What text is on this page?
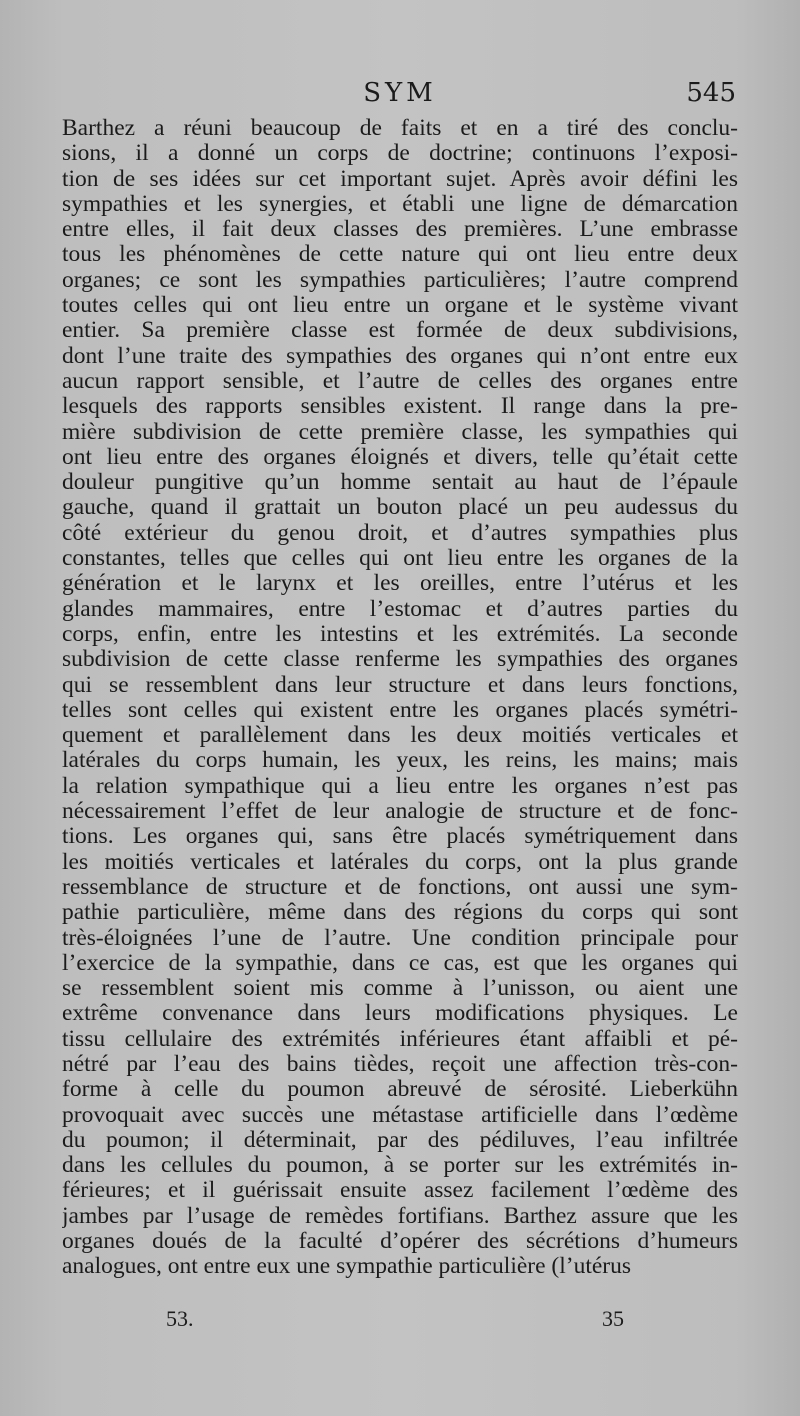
SYM	545
Barthez a réuni beaucoup de faits et en a tiré des conclu-
sions, il a donné un corps de doctrine; continuons l’exposi-
tion de ses idées sur cet important sujet. Après avoir défini les
sympathies et les synergies, et établi une ligne de démarcation
entre elles, il fait deux classes des premières. L’une embrasse
tous les phénomènes de cette nature qui ont lieu entre deux
organes; ce sont les sympathies particulières; l’autre comprend
toutes celles qui ont lieu entre un organe et le système vivant
entier. Sa première classe est formée de deux subdivisions,
dont l’une traite des sympathies des organes qui n’ont entre eux
aucun rapport sensible, et l’autre de celles des organes entre
lesquels des rapports sensibles existent. Il range dans la pre-
mière subdivision de cette première classe, les sympathies qui
ont lieu entre des organes éloignés et divers, telle qu’était cette
douleur pungitive qu’un homme sentait au haut de l’épaule
gauche, quand il grattait un bouton placé un peu audessus du
côté extérieur du genou droit, et d’autres sympathies plus
constantes, telles que celles qui ont lieu entre les organes de la
génération et le larynx et les oreilles, entre l’utérus et les
glandes mammaires, entre l’estomac et d’autres parties du
corps, enfin, entre les intestins et les extrémités. La seconde
subdivision de cette classe renferme les sympathies des organes
qui se ressemblent dans leur structure et dans leurs fonctions,
telles sont celles qui existent entre les organes placés symétri-
quement et parallèlement dans les deux moitiés verticales et
latérales du corps humain, les yeux, les reins, les mains; mais
la relation sympathique qui a lieu entre les organes n’est pas
nécessairement l’effet de leur analogie de structure et de fonc-
tions. Les organes qui, sans être placés symétriquement dans
les moitiés verticales et latérales du corps, ont la plus grande
ressemblance de structure et de fonctions, ont aussi une sym-
pathie particulière, même dans des régions du corps qui sont
très-éloignées l’une de l’autre. Une condition principale pour
l’exercice de la sympathie, dans ce cas, est que les organes qui
se ressemblent soient mis comme à l’unisson, ou aient une
extrême convenance dans leurs modifications physiques. Le
tissu cellulaire des extrémités inférieures étant affaibli et pé-
nétré par l’eau des bains tièdes, reçoit une affection très-con-
forme à celle du poumon abreuvé de sérosité. Lieberkühn
provoquait avec succès une métastase artificielle dans l’œdème
du poumon; il déterminait, par des pédiluves, l’eau infiltrée
dans les cellules du poumon, à se porter sur les extrémités in-
férieures; et il guérissait ensuite assez facilement l’œdème des
jambes par l’usage de remèdes fortifians. Barthez assure que les
organes doués de la faculté d’opérer des sécrétions d’humeurs
analogues, ont entre eux une sympathie particulière (l’utérus
53.	35
